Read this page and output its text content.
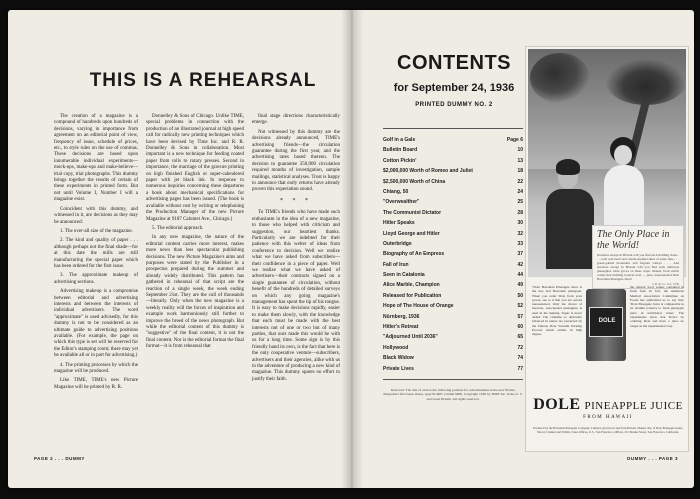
THIS IS A REHEARSAL

The creation of a magazine is a compound of hundreds upon hundreds of decisions, varying in importance from agreement on an editorial point of view, frequency of issue, schedule of prices, etc., to style rules on the use of commas. These decisions are based upon innumerable individual experiments—mock-ups, make-ups and make-believe—trial copy, trial photographs. This dummy brings together the results of certain of these experiments in printed form. But not until Volume I, Number I will a magazine exist.

Coincident with this dummy, and witnessed in it, are decisions as they may be announced:

1. The over-all size of the magazine.
2. The kind and quality of paper . . . although perhaps not the final shade—for at this date the mills are still manufacturing the special paper which has been ordered for the first issue.
3. The approximate makeup of advertising sections.
Advertising makeup is a compromise between editorial and advertising interests and between the interests of individual advertisers. The word "approximate" is used advisedly, for this dummy is not to be considered as an ultimate guide to advertising positions available. (For example, the page on which this type is set will be reserved for the Editor's stamping room; there may yet be available all or in part for advertising.)
4. The printing processes by which the magazine will be produced.
Like TIME, TIME's new Picture Magazine will be printed by R. R.

Donnelley & Sons of Chicago. Unlike TIME, special problems in connection with the production of an illustrated journal at high speed call for radically new printing techniques which have been devised by Time Inc. and R. R. Donnelley & Sons in collaboration. Most important is a new technique for feeding coated paper from rolls to rotary presses. Second in importance, the marriage of the gravure printing on high finished English or super-calendered paper with jet black ink. In response to numerous inquiries concerning these departures a book about mechanical specifications for advertising pages has been issued. (The book is available without cost by writing or telephoning the Production Manager of the new Picture Magazine at 9187 Calumet Ave., Chicago.)

5. The editorial approach.

In any new magazine, the nature of the editorial content carries more interest, makes more news than less spectacular publishing decisions. The new Picture Magazine's aims and purposes were stated by the Publisher in a prospectus prepared during the summer and already widely distributed. This pattern has gathered in rehearsal of that script are the reaction of a single week, the week ending September 21st. They are the cull of thousands—literally. Only when the new magazine is a weekly reality will the forces of inspiration and example work harmoniously still further to improve the breed of the news photograph. But while the editorial content of this dummy is "suggestive" of the final content, it is not the final content. Nor is the editorial format the final format—it is from rehearsal that

final stage directions characteristically emerge.

Not witnessed by this dummy are the decisions already announced, TIME's advertising friends—the circulation guarantee during the first year, and the advertising rates based thereon. The decision to guarantee 250,000 circulation required months of investigation, sample mailings, statistical analyses. Trust is happy to announce that early returns have already proven this expectation sound.

* * *

To TIME's friends who have made such enthusiasm in the idea of a new magazine, to those who helped with criticism and suggestion, our heartiest thanks. Particularly we are indebted for their patience with this welter of ideas from conference to decision. Well we realize what we have asked from subscribers—their confidence in a piece of paper. Well we realize what we have asked of advertisers—their contracts signed on a single guarantee of circulation, without benefit of the hundreds of detailed surveys on which any going magazine's management has spent the tip of his tongue. It is easy to make decisions rapidly, easier to make them slowly, with the knowledge that each must be made with the best interests not of one or two but of many parties, that ours made this would be with us for a long time. Some sign is by this friendly hand its own, is the fact that here is the only cooperative venture—subscribers, advertisers and their agencies, alike with us in the adventure of producing a new kind of magazine. This dummy spares no effort to justify their faith.

PAGE 2 . . . DUMMY
CONTENTS
for September 24, 1936
PRINTED DUMMY NO. 2
Golf in a Gale	Page 6
Bulletin Board	10
Cotton Pickin'	13
$2,000,000 Worth of Romeo and Juliet	18
$2,500,000 Worth of China	22
Chiang, 50	24
"Overwealther"	25
The Communist Dictator	28
Hitler Speaks	30
Lloyd George and Hitler	32
Outerbridge	33
Biography of An Empress	37
Fall of Irun	42
Seen in Catalonia	44
Alice Marble, Champion	49
Released for Publication	50
Hope of The House of Orange	52
Nürnberg, 1936	57
Hitler's Retreat	60
"Adjourned Until 2036"	65
Hollywood	72
Black Widow	74
Private Lives	77
Reserved. The title of each is the following position for advertisement in the new Picture Magazine's first issue. Rates, page $1,600; column $800. Copyright 1936 by TIME Inc. in the U. S. and Great Britain. All rights reserved.
The Only Place in the World!
Nowhere except in Hawaii will you find such thrilling vistas . . . coral reef heart and candle-studded skies of azure blue . . . green-gabled mountains and fragrant valleys . . . And nowhere except in Hawaii will you find such delicious pineapples. Dole grows on these tropic islands, from which comes that thrilling tropical treat — pure, unsweetened Dole Hawaiian Pineapple Juice!
C.B. & Co. Ltd., 1936
"Dole Hawaiian Pineapple Juice is the true and Hawaiian pineapple. When you order Dole from your grocer, see to it that you are served unsweetened. Only the choice of luscious, sun-ripened pineapples is used in the making. Sugar is never added. The vitamins so delicately balanced in nature are preserved by the famous Dole Vacuum Packing Process which retains in high degree,
DOLE
the natural food values contained in fresh fruit. In fact, the American Medical Association Committee on Foods has authorized us to say this: 'Dole Pineapple Juice is comparable in its vitamin potency to fresh pineapple juice in nutritional value.' The experiments show that Dole's by ordering Dole and have a juice no longer in the experimental way.
DOLE PINEAPPLE JUICE
FROM HAWAII
Produced by the Hawaiian Pineapple Company, Limited, growers in and from Hawaii. Makers also of Dole Pineapple Gems, Sliced, Crushed and Tidbits. Sales Offices, U.S., San Francisco. Offices, 215 Market Street, San Francisco, California.
DUMMY . . . PAGE 3
